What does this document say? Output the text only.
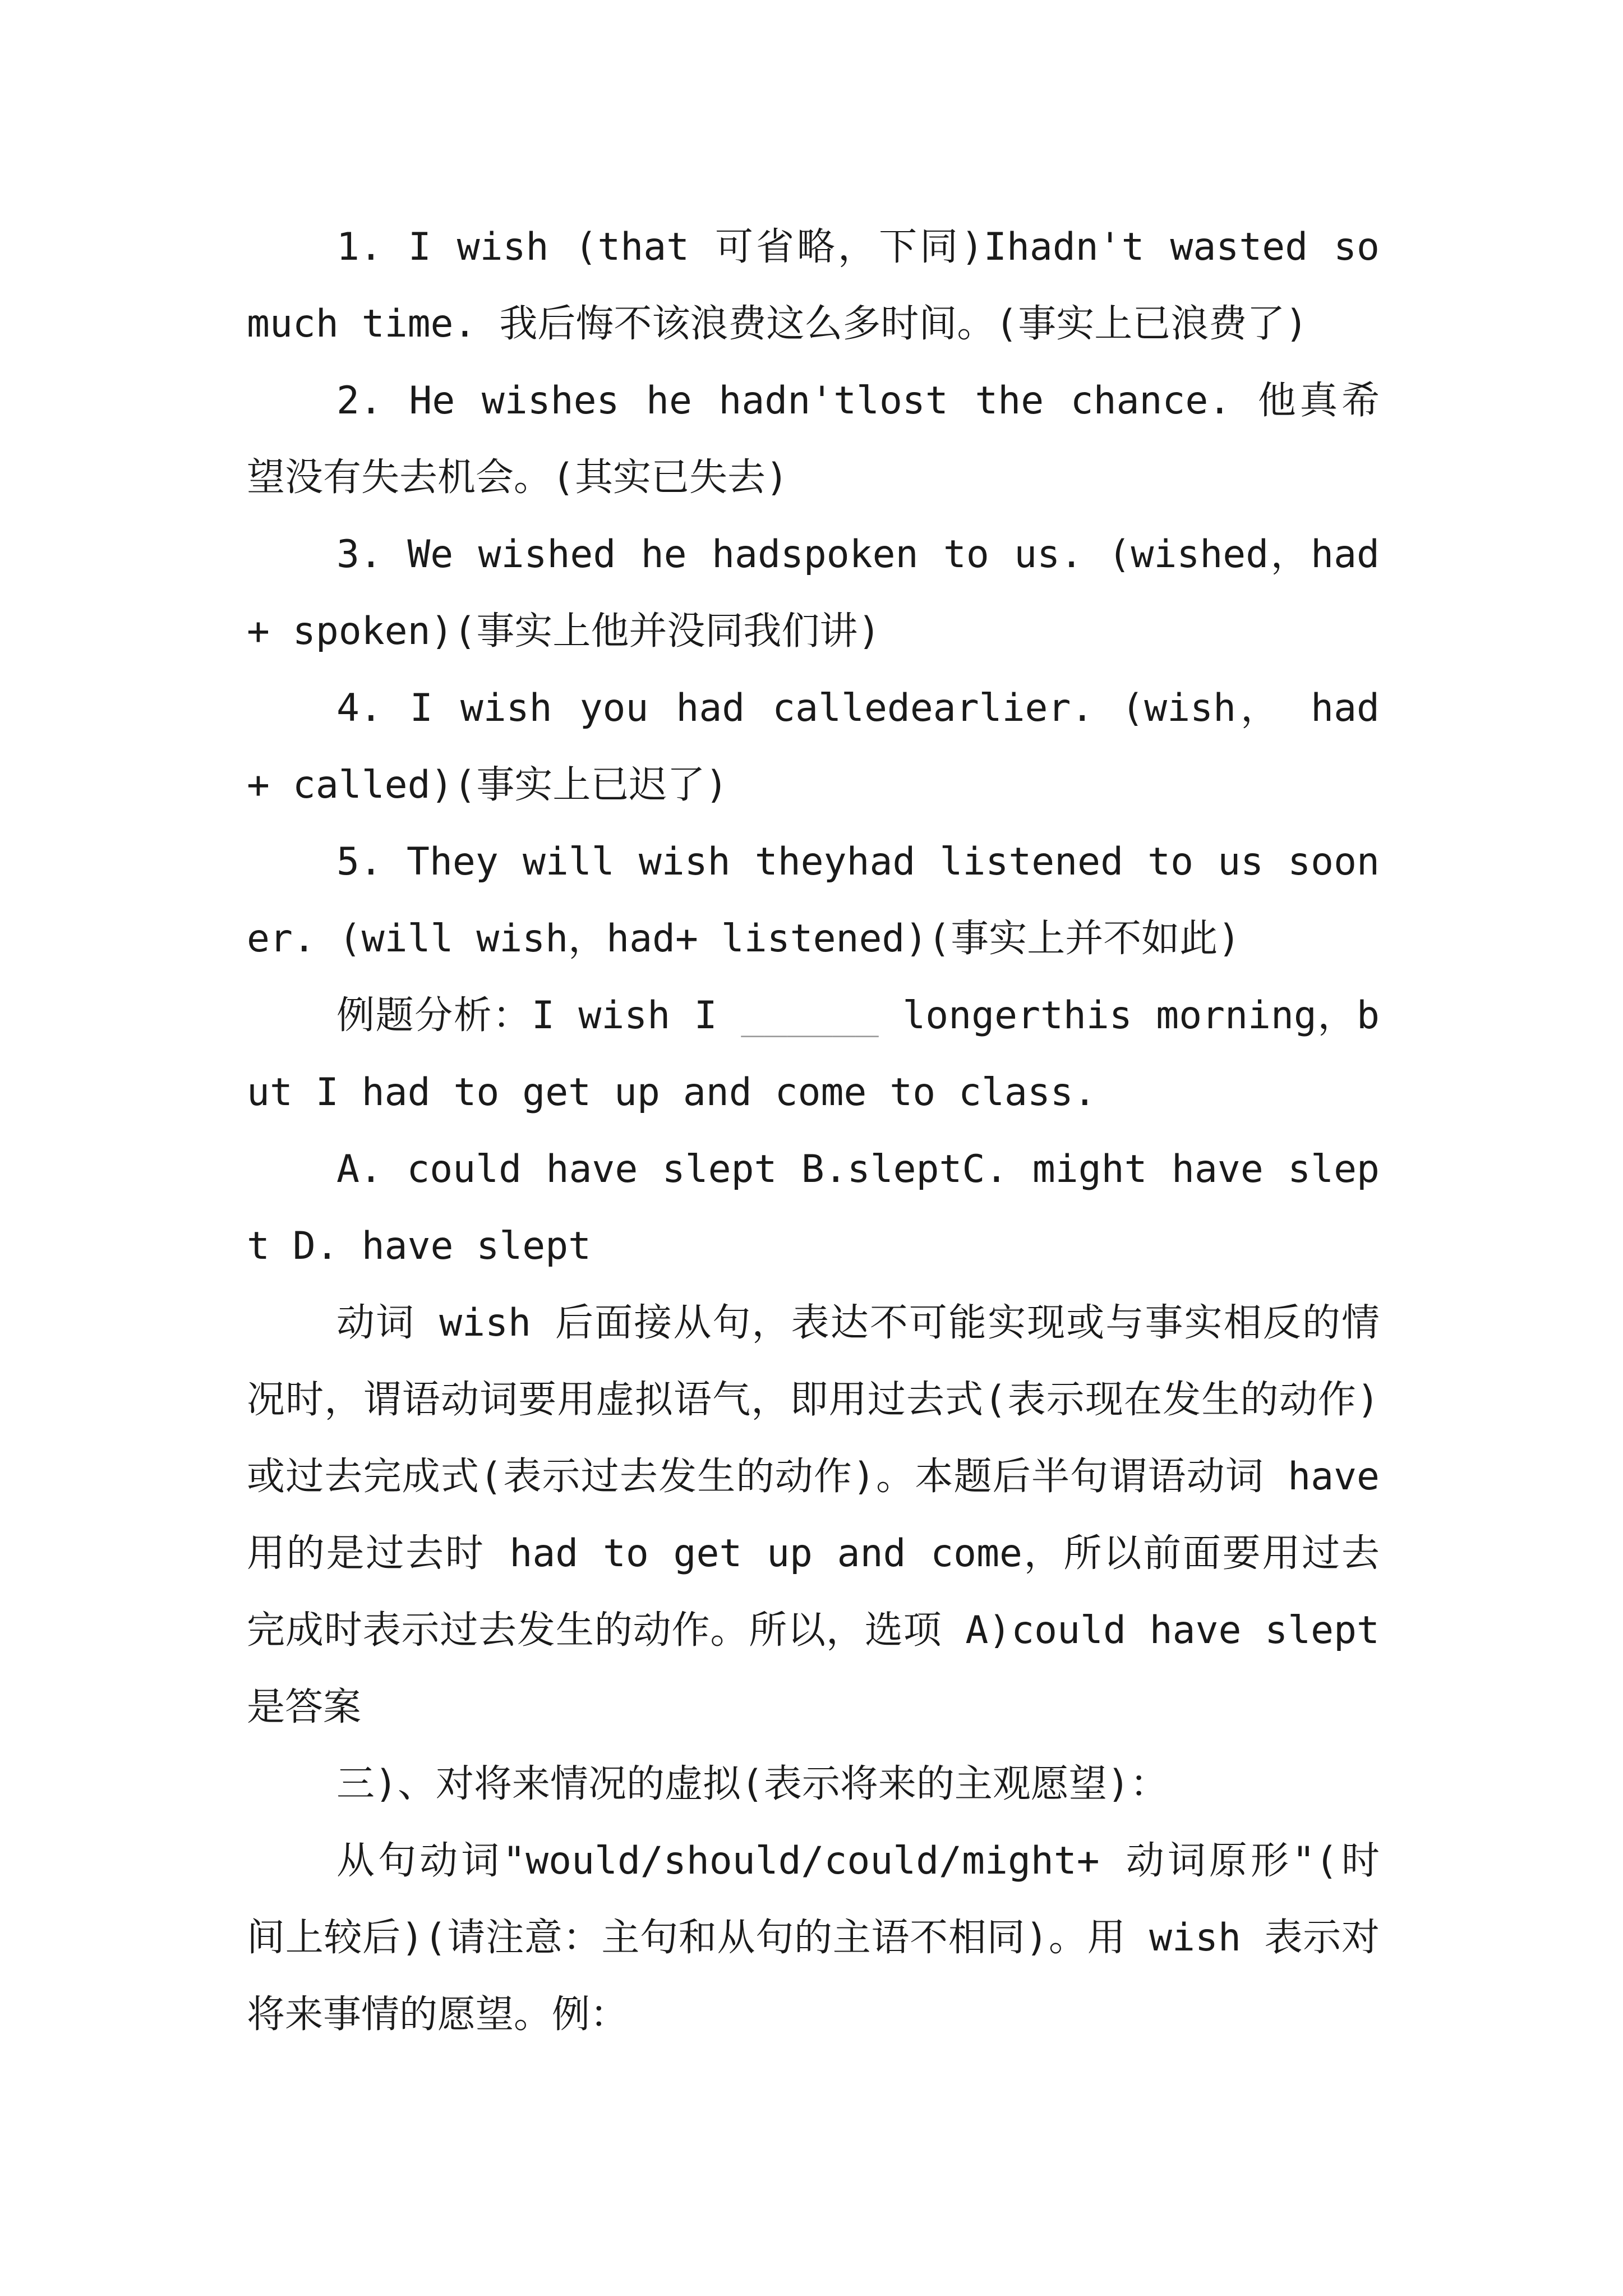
1. I wish (that 可省略，下同)Ihadn't wasted so much time. 我后悔不该浪费这么多时间。(事实上已浪费了)

2. He wishes he hadn'tlost the chance. 他真希望没有失去机会。(其实已失去)

3. We wished he hadspoken to us. (wished，had + spoken)(事实上他并没同我们讲)

4. I wish you had calledearlier. (wish， had + called)(事实上已迟了)

5. They will wish theyhad listened to us sooner. (will wish，had+ listened)(事实上并不如此)

例题分析：I wish I ______ longerthis morning，but I had to get up and come to class.

A. could have slept B.sleptC. might have slept D. have slept

动词 wish 后面接从句，表达不可能实现或与事实相反的情况时，谓语动词要用虚拟语气，即用过去式(表示现在发生的动作)或过去完成式(表示过去发生的动作)。本题后半句谓语动词 have 用的是过去时 had to get up and come，所以前面要用过去完成时表示过去发生的动作。所以，选项 A)could have slept 是答案

三)、对将来情况的虚拟(表示将来的主观愿望)：

从句动词"would/should/could/might+ 动词原形"(时间上较后)(请注意：主句和从句的主语不相同)。用 wish 表示对将来事情的愿望。例：
